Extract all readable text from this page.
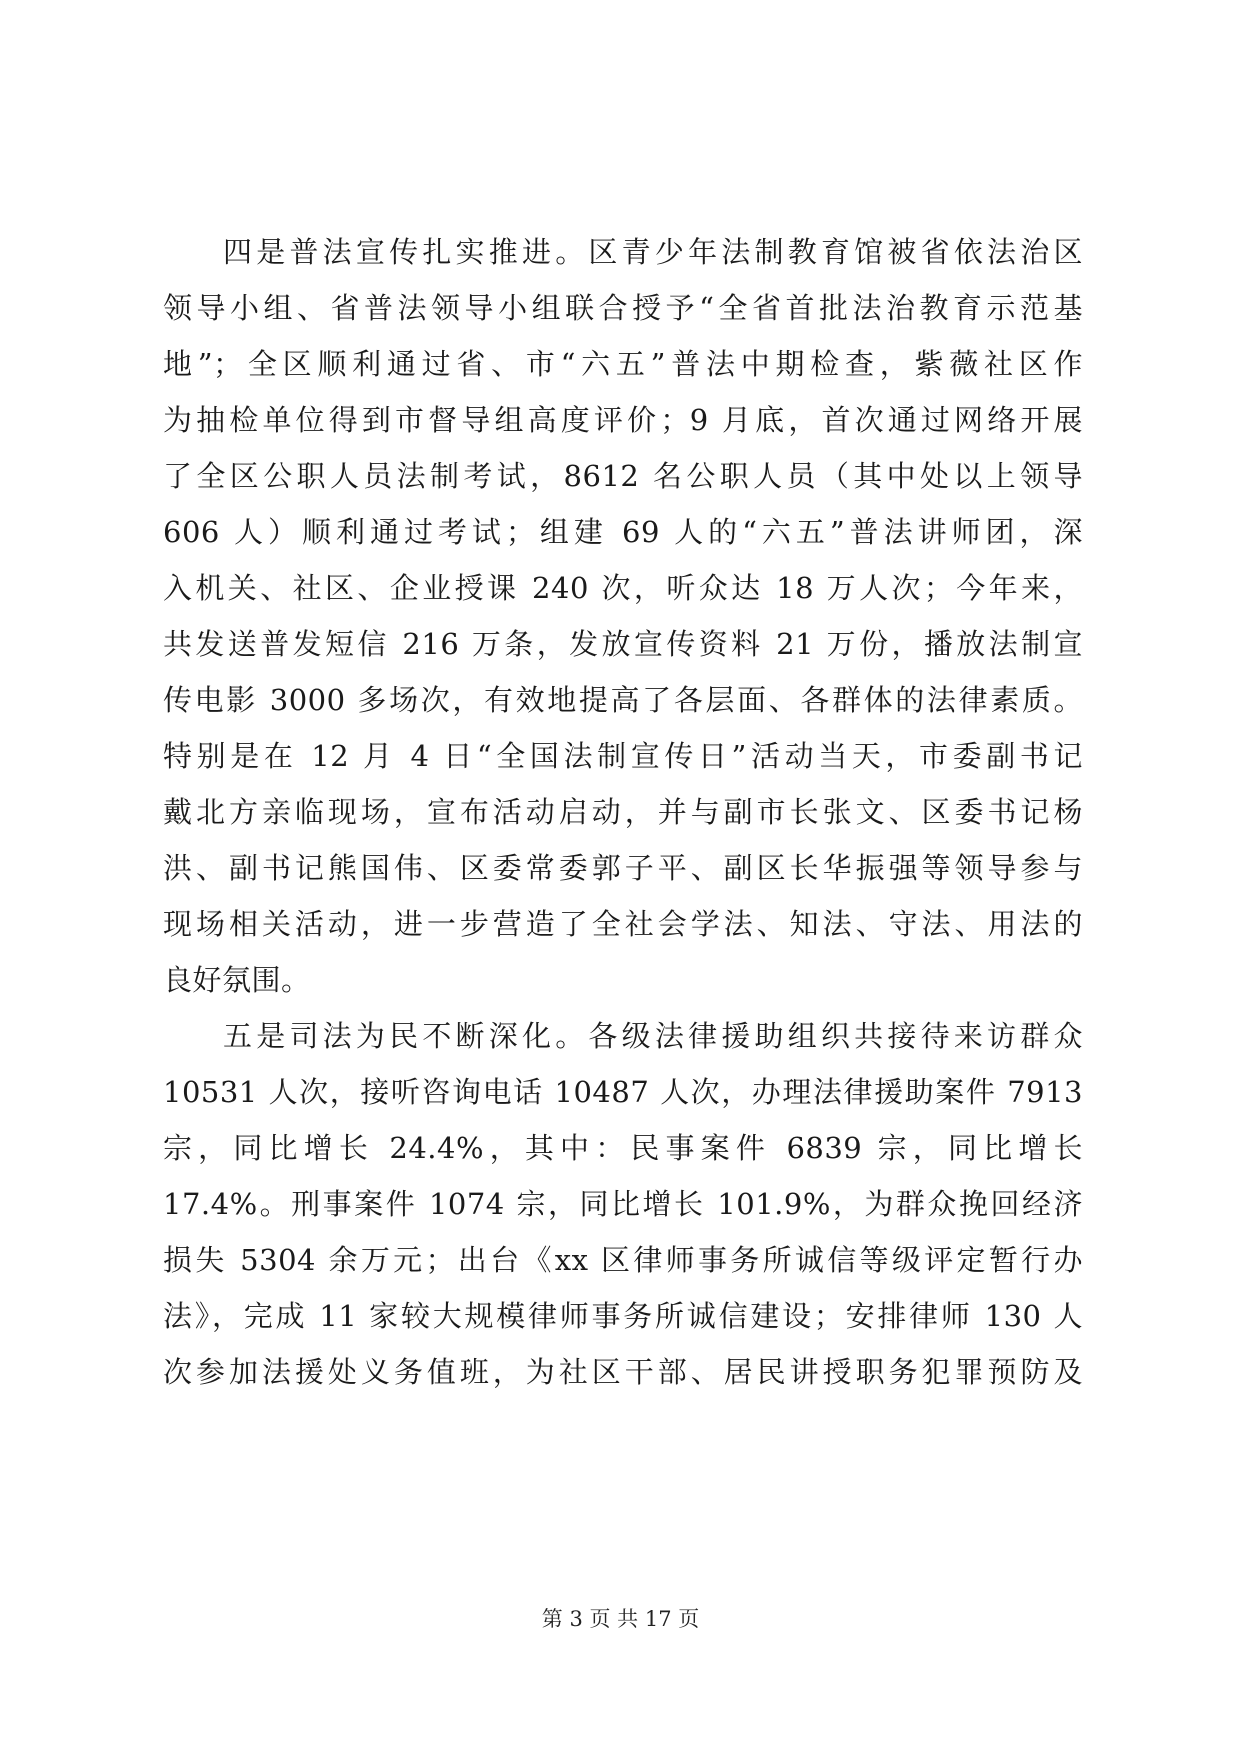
四是普法宣传扎实推进。区青少年法制教育馆被省依法治区
领导小组、省普法领导小组联合授予“全省首批法治教育示范基
地”；全区顺利通过省、市“六五”普法中期检查，紫薇社区作
为抽检单位得到市督导组高度评价；9 月底，首次通过网络开展
了全区公职人员法制考试，8612 名公职人员（其中处以上领导
606 人）顺利通过考试；组建 69 人的“六五”普法讲师团，深
入机关、社区、企业授课 240 次，听众达 18 万人次；今年来，
共发送普发短信 216 万条，发放宣传资料 21 万份，播放法制宣
传电影 3000 多场次，有效地提高了各层面、各群体的法律素质。
特别是在 12 月 4 日“全国法制宣传日”活动当天，市委副书记
戴北方亲临现场，宣布活动启动，并与副市长张文、区委书记杨
洪、副书记熊国伟、区委常委郭子平、副区长华振强等领导参与
现场相关活动，进一步营造了全社会学法、知法、守法、用法的
良好氛围。
五是司法为民不断深化。各级法律援助组织共接待来访群众
10531 人次，接听咨询电话 10487 人次，办理法律援助案件 7913
宗，同比增长 24.4%，其中：民事案件 6839 宗，同比增长
17.4%。刑事案件 1074 宗，同比增长 101.9%，为群众挽回经济
损失 5304 余万元；出台《xx 区律师事务所诚信等级评定暂行办
法》，完成 11 家较大规模律师事务所诚信建设；安排律师 130 人
次参加法援处义务值班，为社区干部、居民讲授职务犯罪预防及
第 3 页 共 17 页
